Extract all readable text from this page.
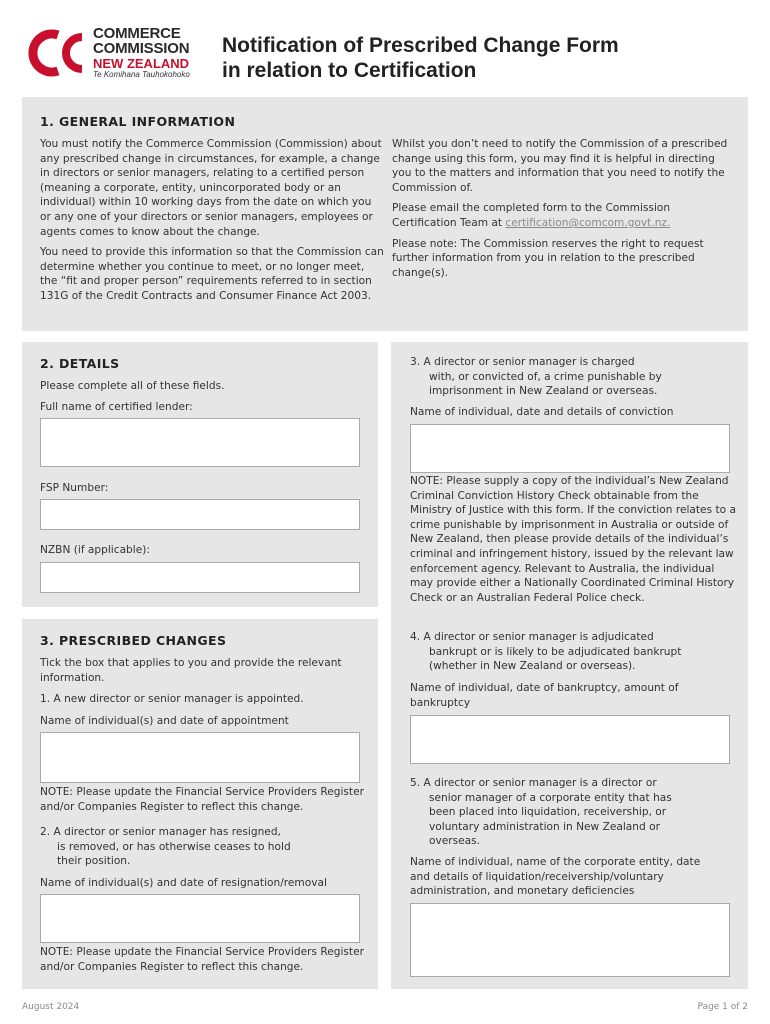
COMMERCE
COMMISSION
NEW ZEALAND
Te Komihana Tauhokohoko
Notification of Prescribed Change Form
in relation to Certification
1. GENERAL INFORMATION

You must notify the Commerce Commission (Commission) about any prescribed change in circumstances, for example, a change in directors or senior managers, relating to a certified person (meaning a corporate, entity, unincorporated body or an individual) within 10 working days from the date on which you or any one of your directors or senior managers, employees or agents comes to know about the change.

You need to provide this information so that the Commission can determine whether you continue to meet, or no longer meet, the “fit and proper person” requirements referred to in section 131G of the Credit Contracts and Consumer Finance Act 2003.

Whilst you don’t need to notify the Commission of a prescribed change using this form, you may find it is helpful in directing you to the matters and information that you need to notify the Commission of.

Please email the completed form to the Commission Certification Team at certification@comcom.govt.nz.

Please note: The Commission reserves the right to request further information from you in relation to the prescribed change(s).

2. DETAILS
Please complete all of these fields.
Full name of certified lender:
FSP Number:
NZBN (if applicable):
3. PRESCRIBED CHANGES
Tick the box that applies to you and provide the relevant information.
1. A new director or senior manager is appointed.
Name of individual(s) and date of appointment
NOTE: Please update the Financial Service Providers Register and/or Companies Register to reflect this change.
2. A director or senior manager has resigned,
is removed, or has otherwise ceases to hold
their position.
Name of individual(s) and date of resignation/removal
NOTE: Please update the Financial Service Providers Register and/or Companies Register to reflect this change.
3. A director or senior manager is charged
with, or convicted of, a crime punishable by
imprisonment in New Zealand or overseas.
Name of individual, date and details of conviction
NOTE: Please supply a copy of the individual’s New Zealand Criminal Conviction History Check obtainable from the Ministry of Justice with this form. If the conviction relates to a crime punishable by imprisonment in Australia or outside of New Zealand, then please provide details of the individual’s criminal and infringement history, issued by the relevant law enforcement agency. Relevant to Australia, the individual may provide either a Nationally Coordinated Criminal History Check or an Australian Federal Police check.
4. A director or senior manager is adjudicated
bankrupt or is likely to be adjudicated bankrupt
(whether in New Zealand or overseas).
Name of individual, date of bankruptcy, amount of bankruptcy
5. A director or senior manager is a director or
senior manager of a corporate entity that has
been placed into liquidation, receivership, or
voluntary administration in New Zealand or
overseas.
Name of individual, name of the corporate entity, date and details of liquidation/receivership/voluntary administration, and monetary deficiencies
August 2024	Page 1 of 2
